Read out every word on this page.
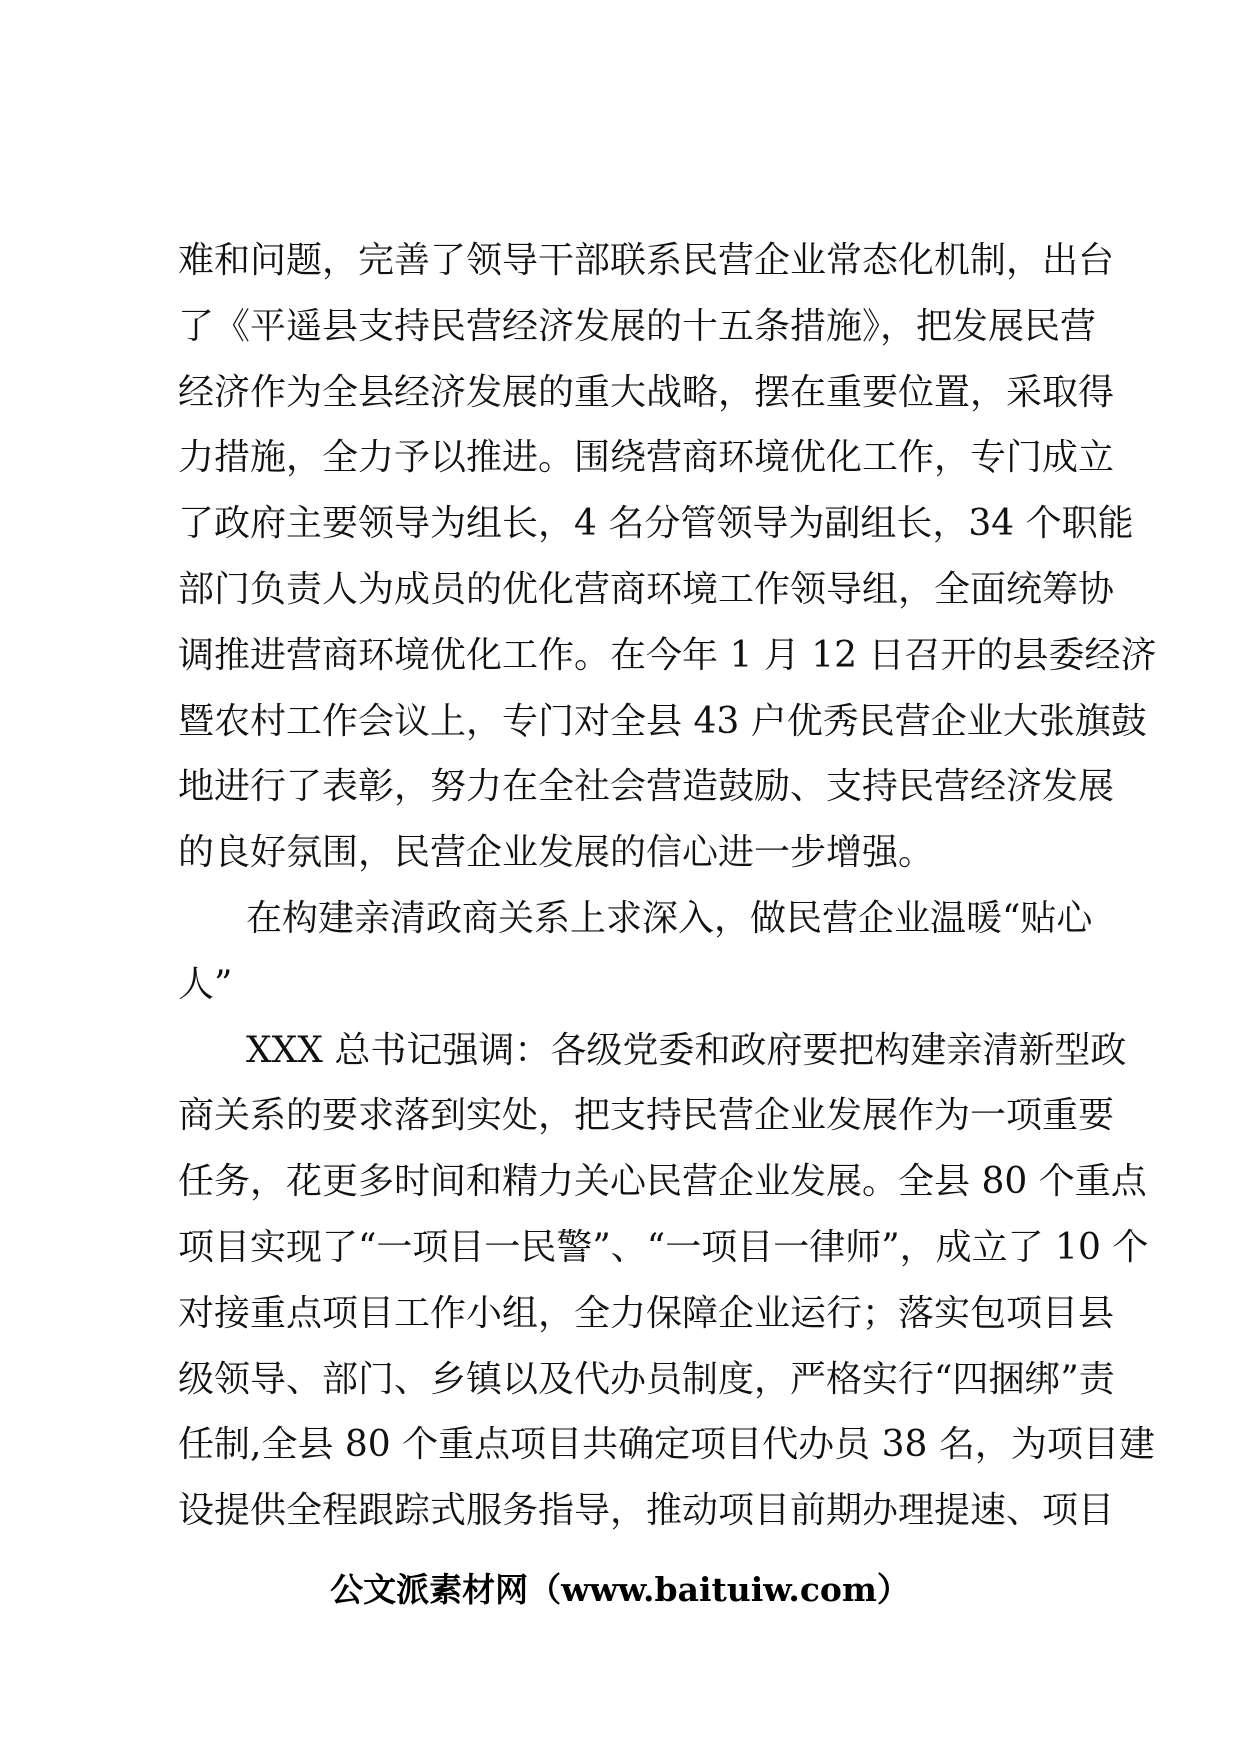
难和问题，完善了领导干部联系民营企业常态化机制，出台
了《平遥县支持民营经济发展的十五条措施》，把发展民营
经济作为全县经济发展的重大战略，摆在重要位置，采取得
力措施，全力予以推进。围绕营商环境优化工作，专门成立
了政府主要领导为组长，4 名分管领导为副组长，34 个职能
部门负责人为成员的优化营商环境工作领导组，全面统筹协
调推进营商环境优化工作。在今年 1 月 12 日召开的县委经济
暨农村工作会议上，专门对全县 43 户优秀民营企业大张旗鼓
地进行了表彰，努力在全社会营造鼓励、支持民营经济发展
的良好氛围，民营企业发展的信心进一步增强。
在构建亲清政商关系上求深入，做民营企业温暖“贴心
人”
XXX 总书记强调：各级党委和政府要把构建亲清新型政
商关系的要求落到实处，把支持民营企业发展作为一项重要
任务，花更多时间和精力关心民营企业发展。全县 80 个重点
项目实现了“一项目一民警”、“一项目一律师”，成立了 10 个
对接重点项目工作小组，全力保障企业运行；落实包项目县
级领导、部门、乡镇以及代办员制度，严格实行“四捆绑”责
任制,全县 80 个重点项目共确定项目代办员 38 名，为项目建
设提供全程跟踪式服务指导，推动项目前期办理提速、项目
公文派素材网（www.baituiw.com）
